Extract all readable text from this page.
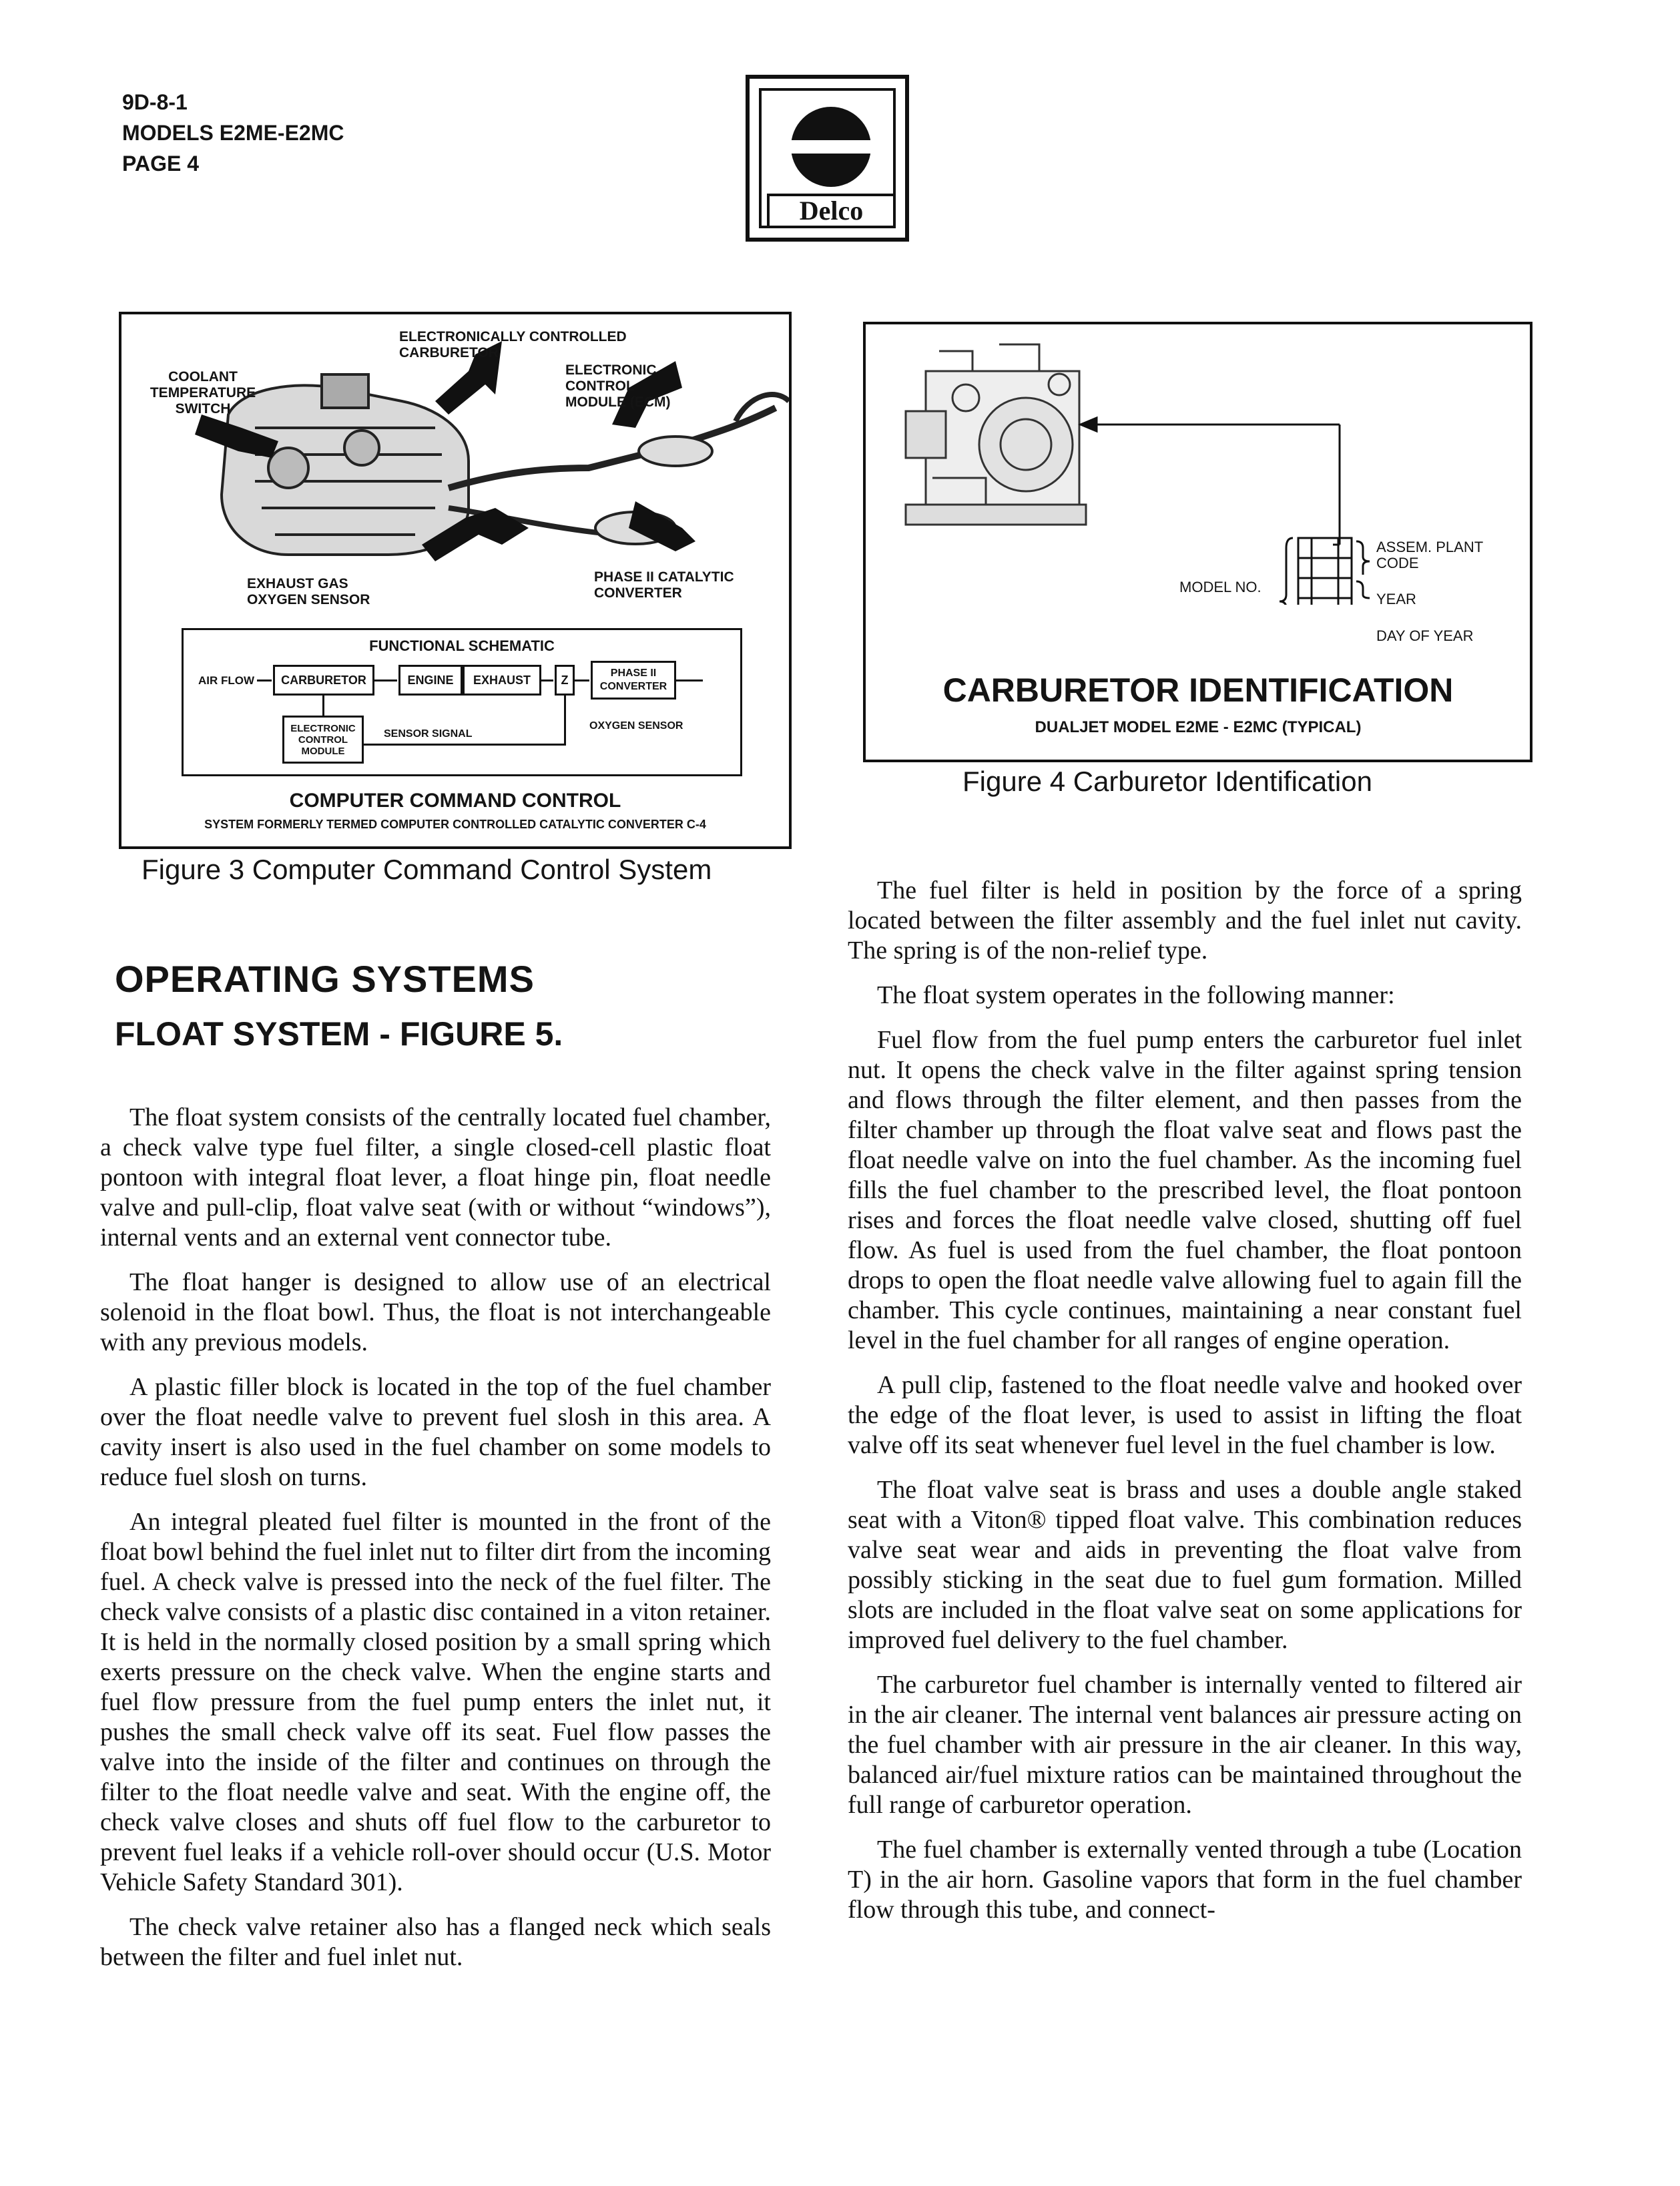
9D-8-1
MODELS E2ME-E2MC
PAGE 4
Delco
ELECTRONICALLY CONTROLLED CARBURETOR
ELECTRONIC CONTROL MODULE (ECM)
COOLANT TEMPERATURE SWITCH
EXHAUST GAS OXYGEN SENSOR
PHASE II CATALYTIC CONVERTER
FUNCTIONAL SCHEMATIC
AIR FLOW	CARBURETOR	ENGINE	EXHAUST	Z
PHASE II CONVERTER
ELECTRONIC CONTROL MODULE
SENSOR SIGNAL
OXYGEN SENSOR
COMPUTER COMMAND CONTROL
SYSTEM FORMERLY TERMED COMPUTER CONTROLLED CATALYTIC CONVERTER C-4
Figure 3 Computer Command Control System
MODEL NO.
ASSEM. PLANT CODE
YEAR
DAY OF YEAR
CARBURETOR IDENTIFICATION
DUALJET MODEL E2ME - E2MC (TYPICAL)
Figure 4 Carburetor Identification
OPERATING SYSTEMS
FLOAT SYSTEM - FIGURE 5.

The float system consists of the centrally located fuel chamber, a check valve type fuel filter, a single closed-cell plastic float pontoon with integral float lever, a float hinge pin, float needle valve and pull-clip, float valve seat (with or without “windows”), internal vents and an external vent connector tube.

The float hanger is designed to allow use of an electrical solenoid in the float bowl. Thus, the float is not interchangeable with any previous models.

A plastic filler block is located in the top of the fuel chamber over the float needle valve to prevent fuel slosh in this area. A cavity insert is also used in the fuel chamber on some models to reduce fuel slosh on turns.

An integral pleated fuel filter is mounted in the front of the float bowl behind the fuel inlet nut to filter dirt from the incoming fuel. A check valve is pressed into the neck of the fuel filter. The check valve consists of a plastic disc contained in a viton retainer. It is held in the normally closed position by a small spring which exerts pressure on the check valve. When the engine starts and fuel flow pressure from the fuel pump enters the inlet nut, it pushes the small check valve off its seat. Fuel flow passes the valve into the inside of the filter and continues on through the filter to the float needle valve and seat. With the engine off, the check valve closes and shuts off fuel flow to the carburetor to prevent fuel leaks if a vehicle roll-over should occur (U.S. Motor Vehicle Safety Standard 301).

The check valve retainer also has a flanged neck which seals between the filter and fuel inlet nut.

The fuel filter is held in position by the force of a spring located between the filter assembly and the fuel inlet nut cavity. The spring is of the non-relief type.

The float system operates in the following manner:

Fuel flow from the fuel pump enters the carburetor fuel inlet nut. It opens the check valve in the filter against spring tension and flows through the filter element, and then passes from the filter chamber up through the float valve seat and flows past the float needle valve on into the fuel chamber. As the incoming fuel fills the fuel chamber to the prescribed level, the float pontoon rises and forces the float needle valve closed, shutting off fuel flow. As fuel is used from the fuel chamber, the float pontoon drops to open the float needle valve allowing fuel to again fill the chamber. This cycle continues, maintaining a near constant fuel level in the fuel chamber for all ranges of engine operation.

A pull clip, fastened to the float needle valve and hooked over the edge of the float lever, is used to assist in lifting the float valve off its seat whenever fuel level in the fuel chamber is low.

The float valve seat is brass and uses a double angle staked seat with a Viton® tipped float valve. This combination reduces valve seat wear and aids in preventing the float valve from possibly sticking in the seat due to fuel gum formation. Milled slots are included in the float valve seat on some applications for improved fuel delivery to the fuel chamber.

The carburetor fuel chamber is internally vented to filtered air in the air cleaner. The internal vent balances air pressure acting on the fuel chamber with air pressure in the air cleaner. In this way, balanced air/fuel mixture ratios can be maintained throughout the full range of carburetor operation.

The fuel chamber is externally vented through a tube (Location T) in the air horn. Gasoline vapors that form in the fuel chamber flow through this tube, and connect-
